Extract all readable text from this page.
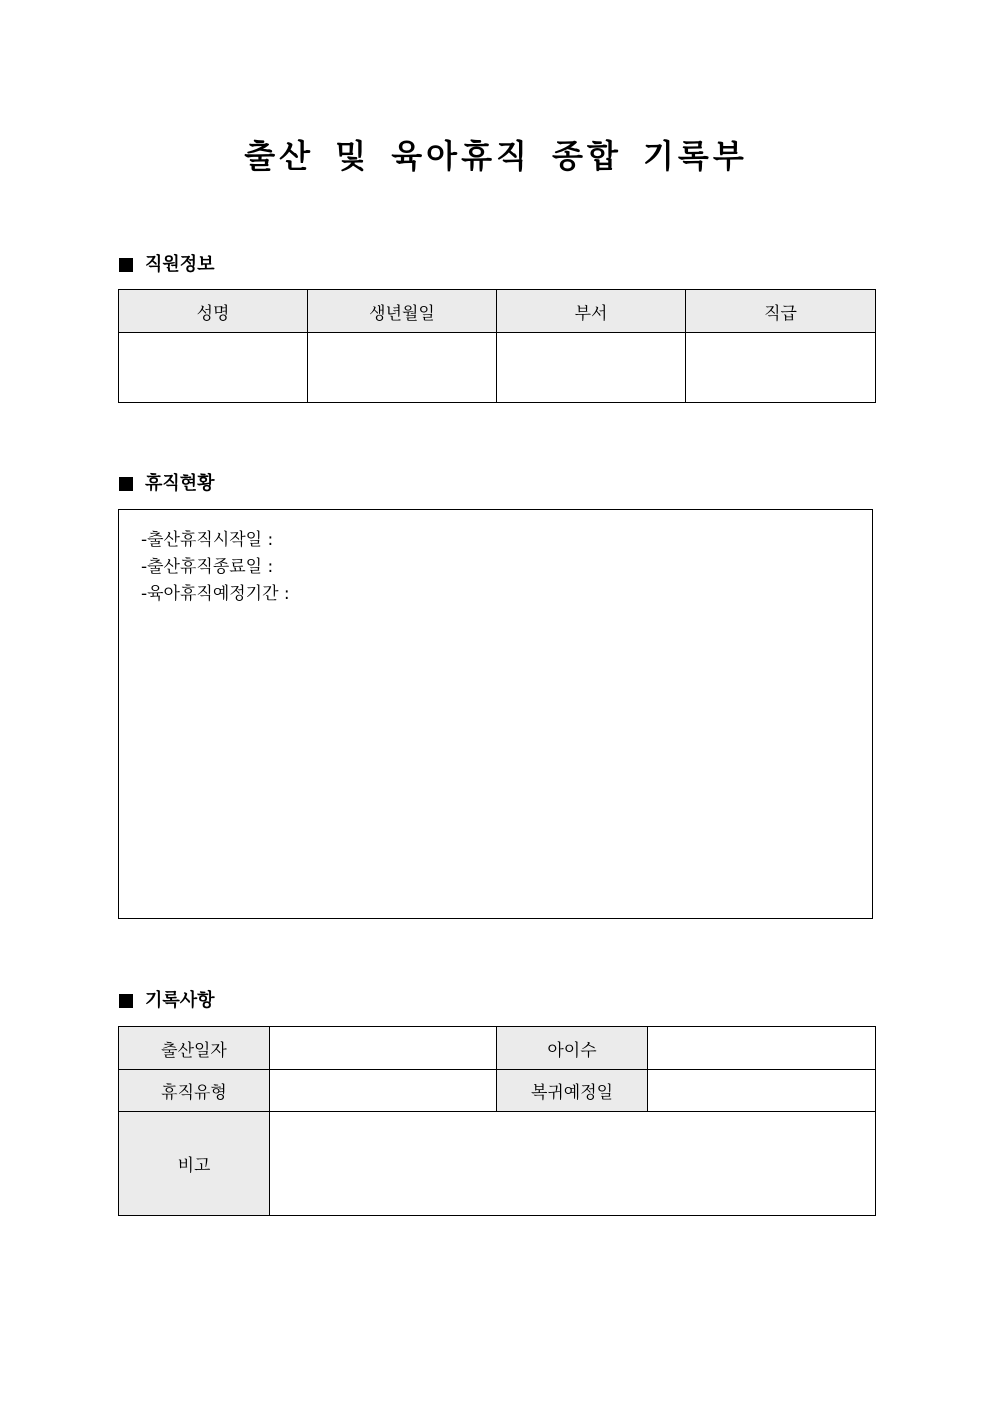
출산 및 육아휴직 종합 기록부
직원정보
성명	생년월일	부서	직급

휴직현황
-출산휴직시작일 :
-출산휴직종료일 :
-육아휴직예정기간 :
기록사항
출산일자		아이수	
휴직유형		복귀예정일	
비고			
